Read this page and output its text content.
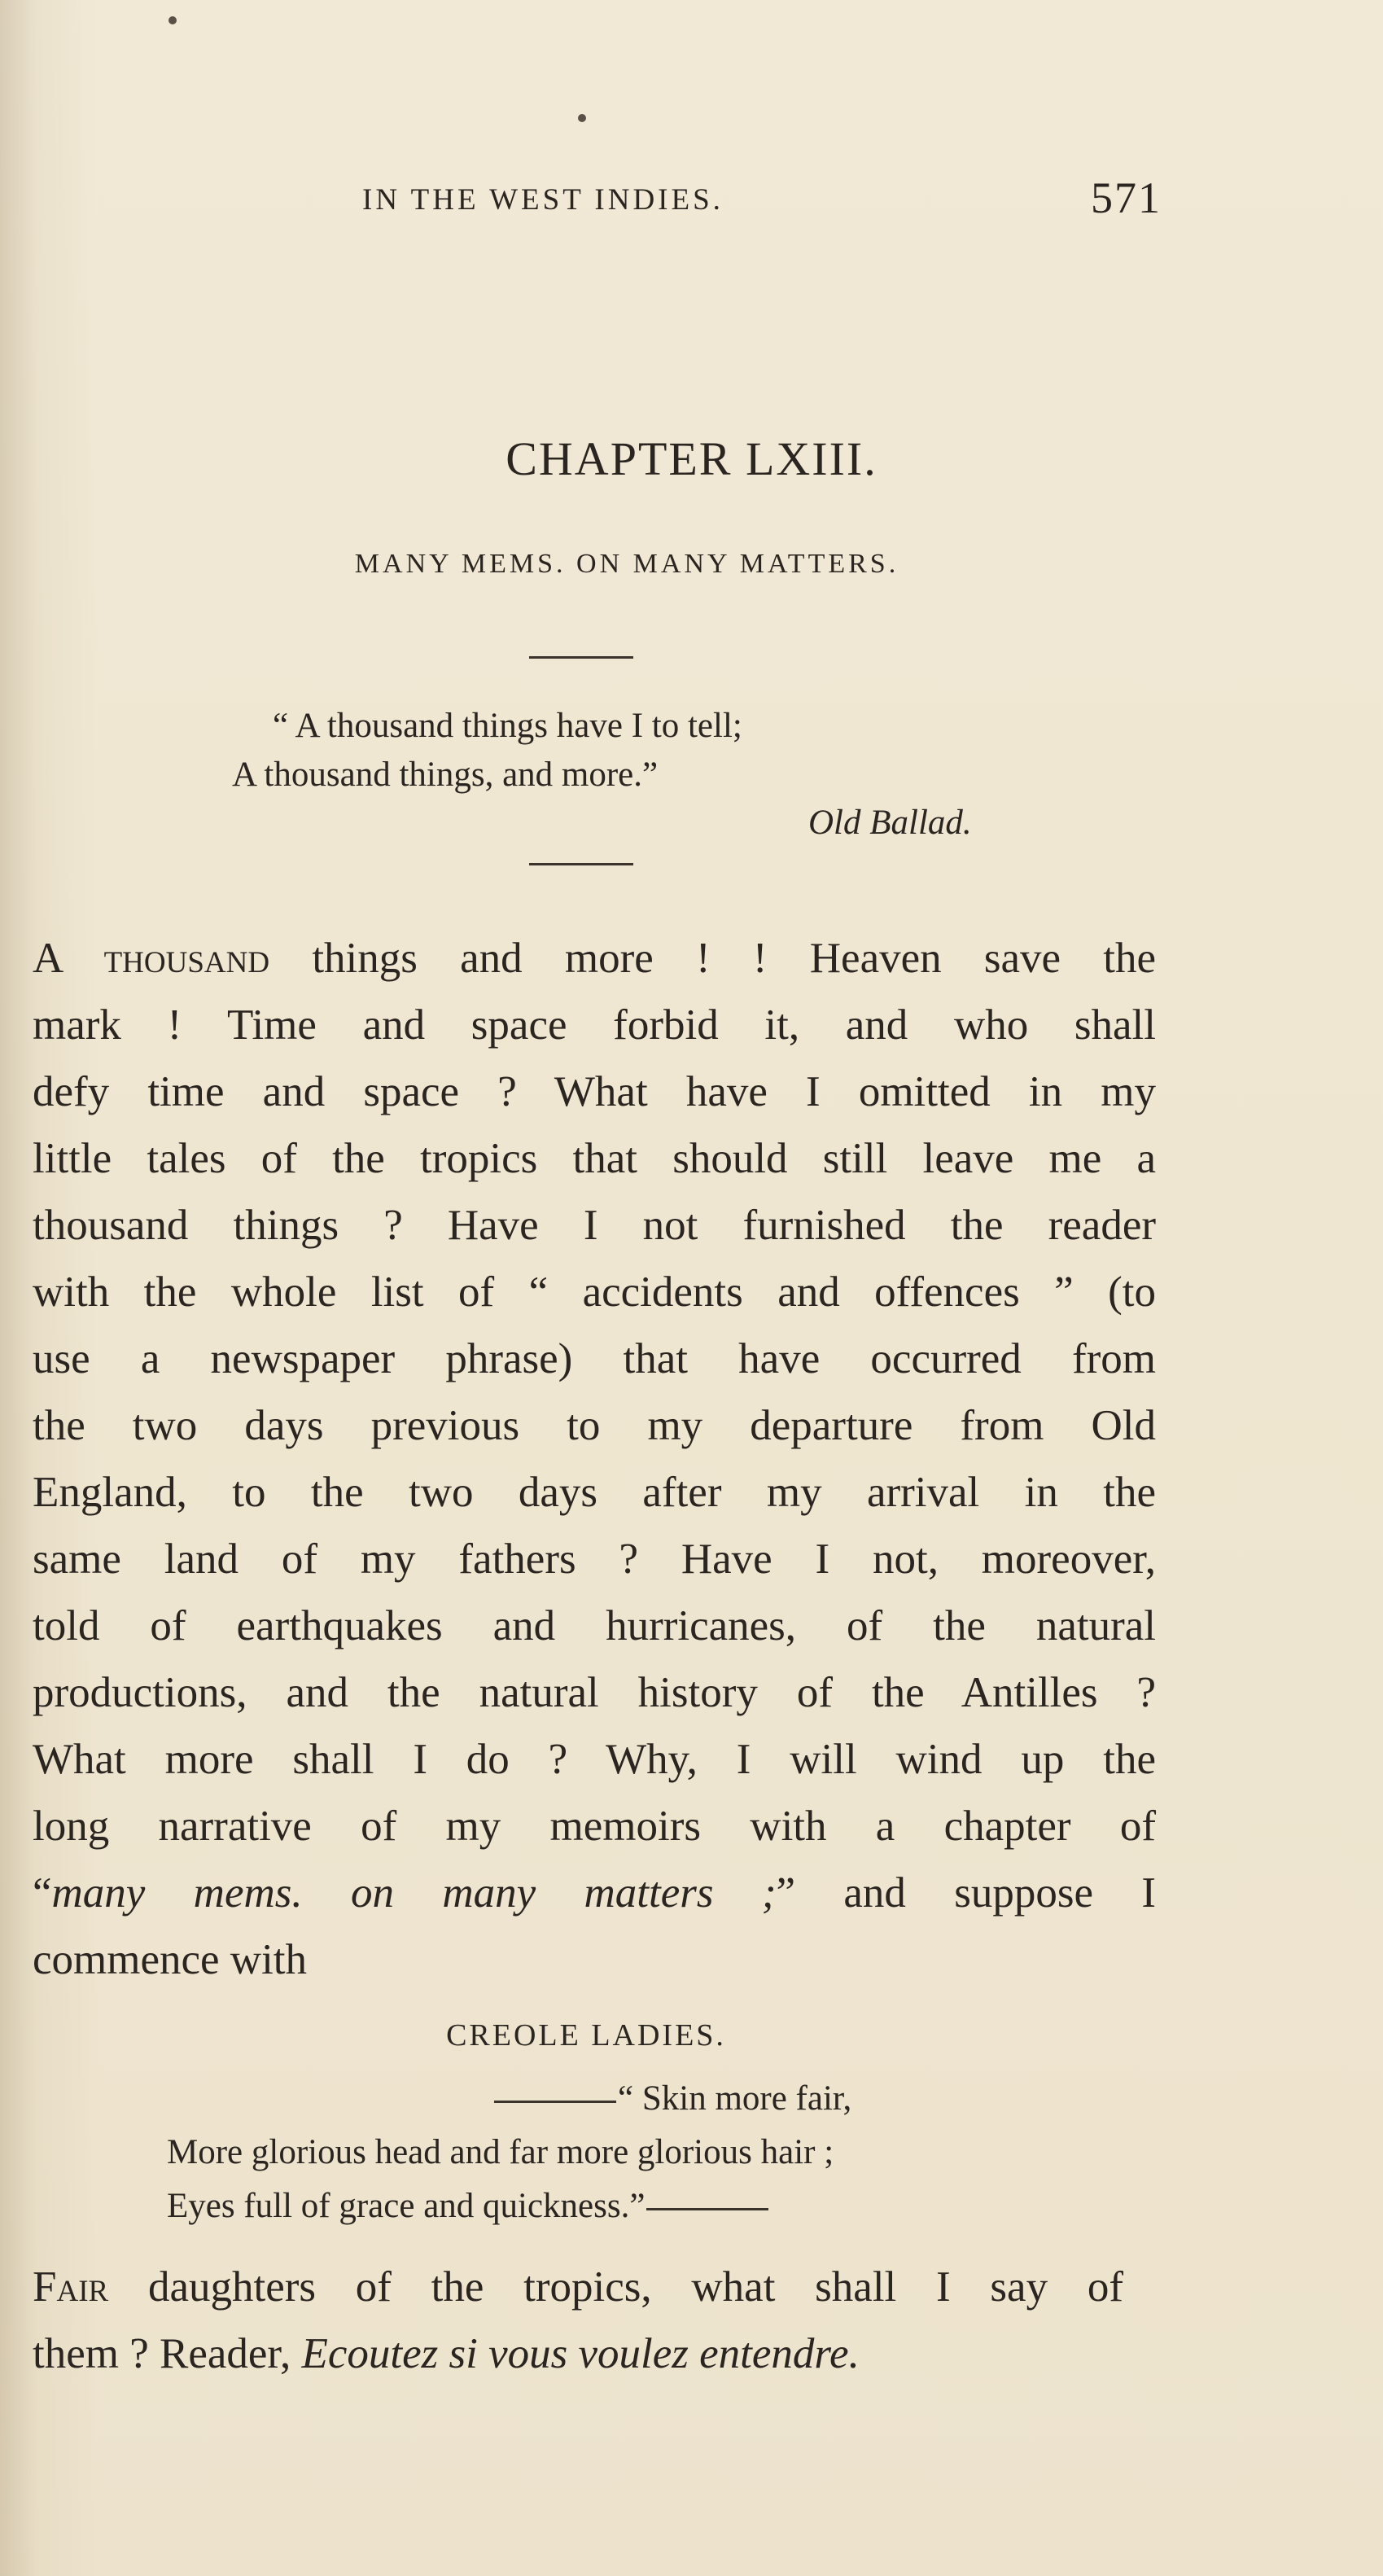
IN THE WEST INDIES.	571
CHAPTER LXIII.
MANY MEMS. ON MANY MATTERS.
“ A thousand things have I to tell;
A thousand things, and more.”
Old Ballad.
A thousand things and more ! ! Heaven save the
mark ! Time and space forbid it, and who shall
defy time and space ? What have I omitted in my
little tales of the tropics that should still leave me a
thousand things ? Have I not furnished the reader
with the whole list of “ accidents and offences ” (to
use a newspaper phrase) that have occurred from
the two days previous to my departure from Old
England, to the two days after my arrival in the
same land of my fathers ? Have I not, moreover,
told of earthquakes and hurricanes, of the natural
productions, and the natural history of the Antilles ?
What more shall I do ? Why, I will wind up the
long narrative of my memoirs with a chapter of
“many mems. on many matters ;” and suppose I
commence with
CREOLE LADIES.
“ Skin more fair,
More glorious head and far more glorious hair ;
Eyes full of grace and quickness.”
Fair daughters of the tropics, what shall I say of
them ? Reader, Ecoutez si vous voulez entendre.
